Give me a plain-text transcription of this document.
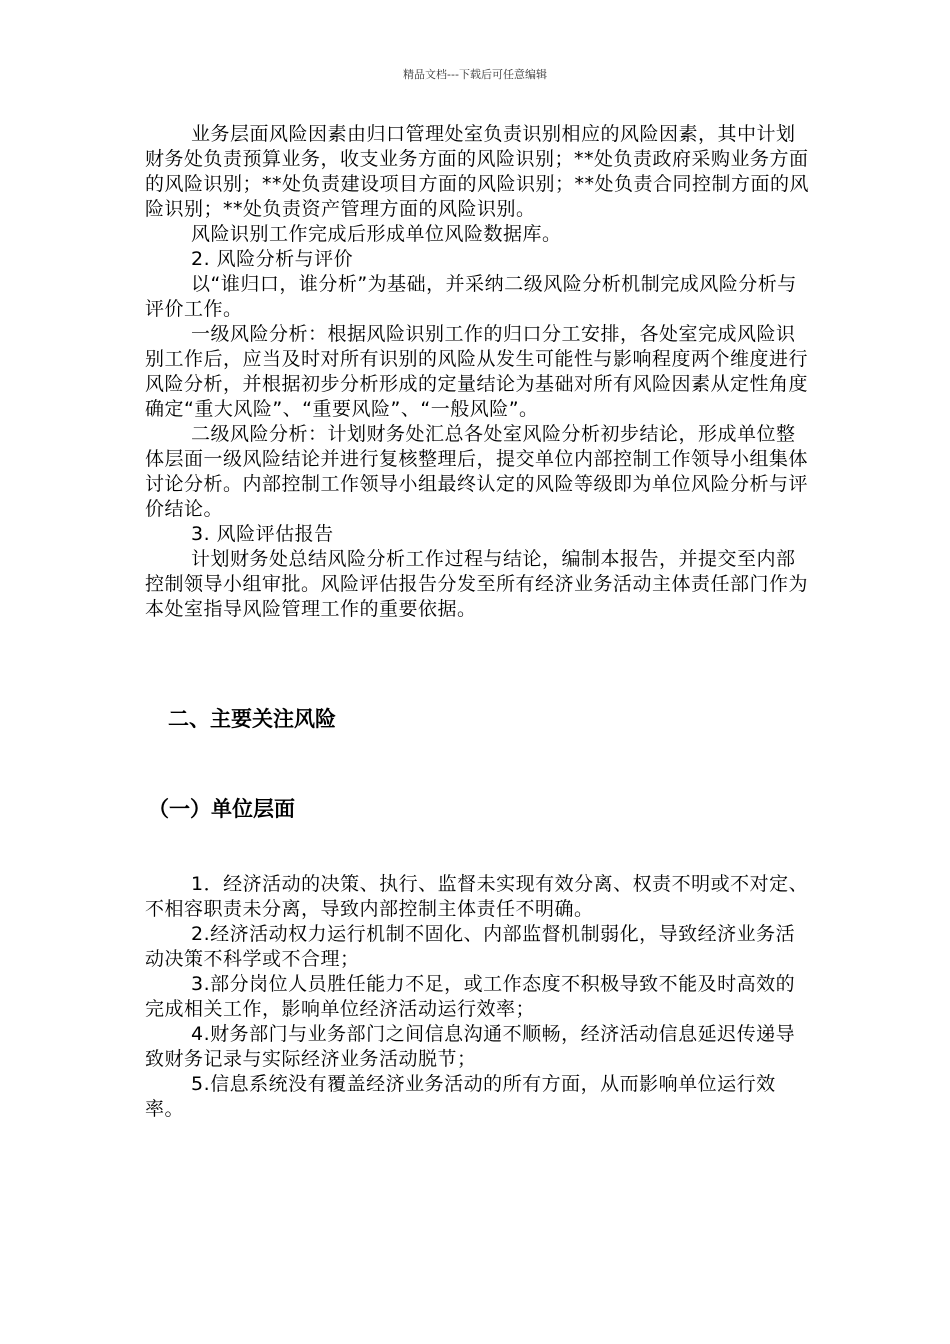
精品文档---下载后可任意编辑

业务层面风险因素由归口管理处室负责识别相应的风险因素，其中计划财务处负责预算业务，收支业务方面的风险识别；**处负责政府采购业务方面的风险识别；**处负责建设项目方面的风险识别；**处负责合同控制方面的风险识别；**处负责资产管理方面的风险识别。

风险识别工作完成后形成单位风险数据库。

2. 风险分析与评价

以“谁归口，谁分析”为基础，并采纳二级风险分析机制完成风险分析与评价工作。

一级风险分析：根据风险识别工作的归口分工安排，各处室完成风险识别工作后，应当及时对所有识别的风险从发生可能性与影响程度两个维度进行风险分析，并根据初步分析形成的定量结论为基础对所有风险因素从定性角度确定“重大风险”、“重要风险”、“一般风险”。

二级风险分析：计划财务处汇总各处室风险分析初步结论，形成单位整体层面一级风险结论并进行复核整理后，提交单位内部控制工作领导小组集体讨论分析。内部控制工作领导小组最终认定的风险等级即为单位风险分析与评价结论。

3. 风险评估报告

计划财务处总结风险分析工作过程与结论，编制本报告，并提交至内部控制领导小组审批。风险评估报告分发至所有经济业务活动主体责任部门作为本处室指导风险管理工作的重要依据。

二、主要关注风险
（一）单位层面

1．经济活动的决策、执行、监督未实现有效分离、权责不明或不对定、不相容职责未分离，导致内部控制主体责任不明确。

2.经济活动权力运行机制不固化、内部监督机制弱化，导致经济业务活动决策不科学或不合理；

3.部分岗位人员胜任能力不足，或工作态度不积极导致不能及时高效的完成相关工作，影响单位经济活动运行效率；

4.财务部门与业务部门之间信息沟通不顺畅，经济活动信息延迟传递导致财务记录与实际经济业务活动脱节；

5.信息系统没有覆盖经济业务活动的所有方面，从而影响单位运行效率。
